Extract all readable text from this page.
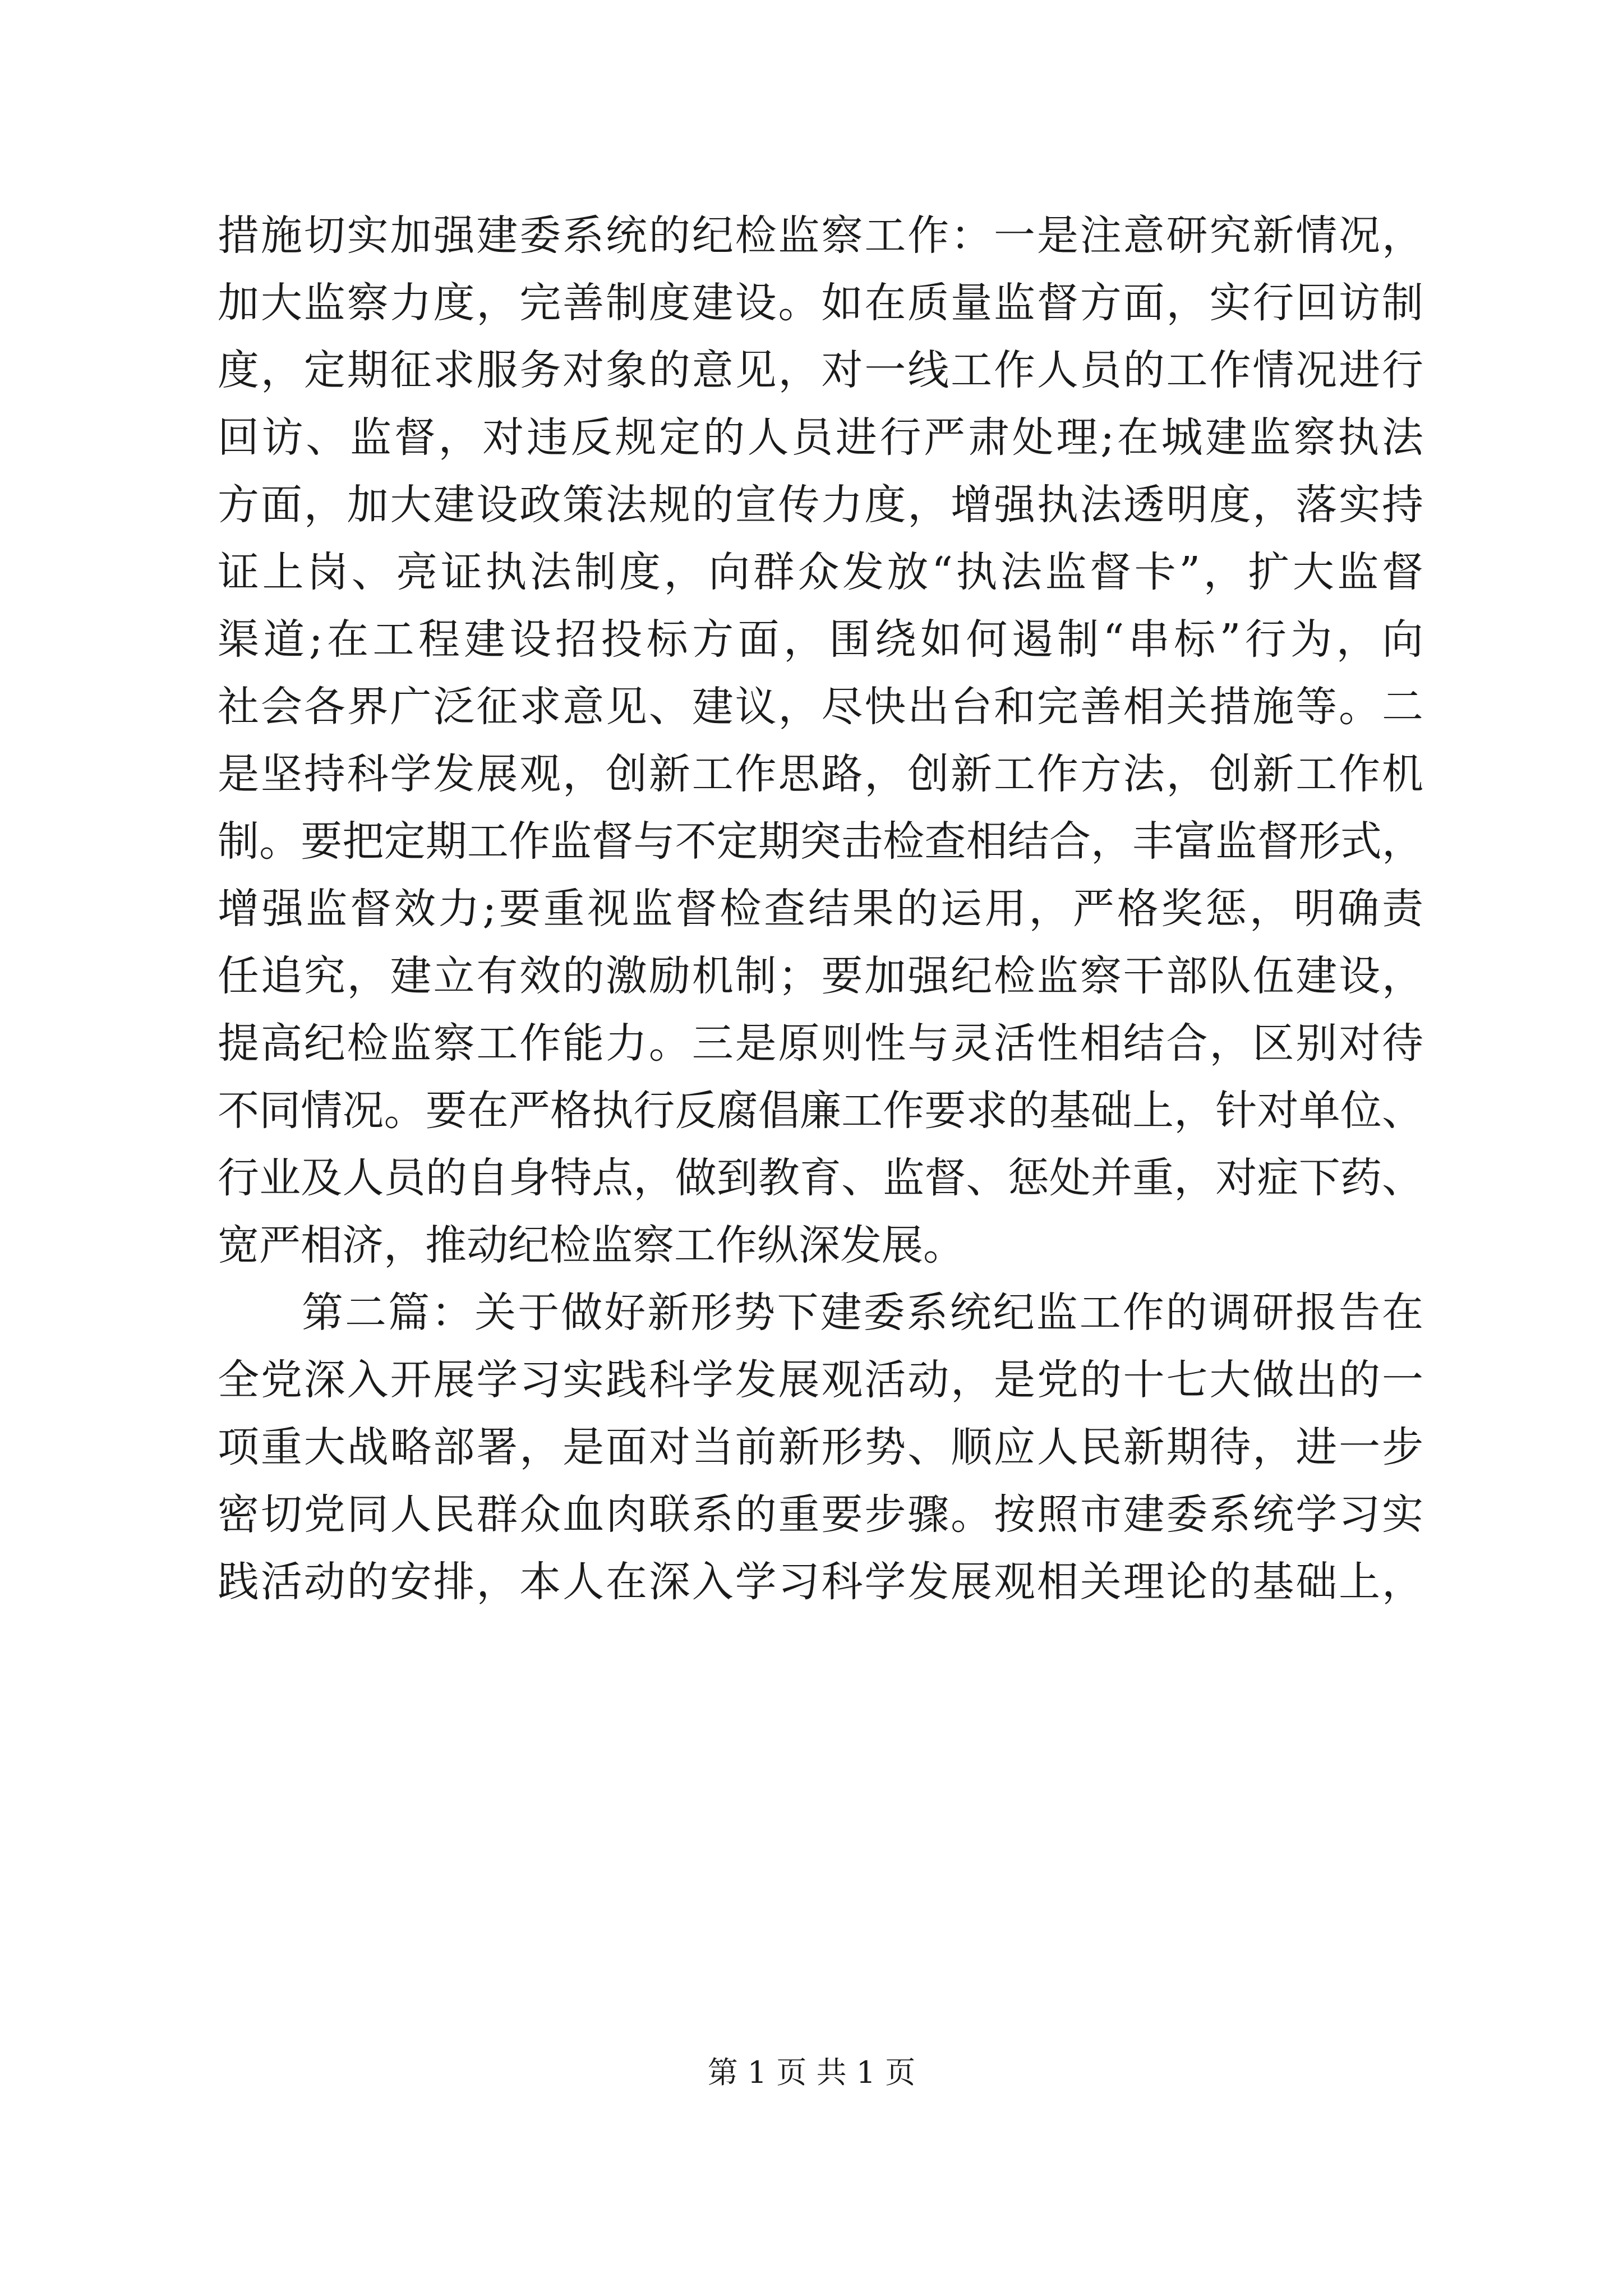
措施切实加强建委系统的纪检监察工作：一是注意研究新情况，
加大监察力度，完善制度建设。如在质量监督方面，实行回访制
度，定期征求服务对象的意见，对一线工作人员的工作情况进行
回访、监督，对违反规定的人员进行严肃处理;在城建监察执法
方面，加大建设政策法规的宣传力度，增强执法透明度，落实持
证上岗、亮证执法制度，向群众发放“执法监督卡”，扩大监督
渠道;在工程建设招投标方面，围绕如何遏制“串标”行为，向
社会各界广泛征求意见、建议，尽快出台和完善相关措施等。二
是坚持科学发展观，创新工作思路，创新工作方法，创新工作机
制。要把定期工作监督与不定期突击检查相结合，丰富监督形式，
增强监督效力;要重视监督检查结果的运用，严格奖惩，明确责
任追究，建立有效的激励机制；要加强纪检监察干部队伍建设，
提高纪检监察工作能力。三是原则性与灵活性相结合，区别对待
不同情况。要在严格执行反腐倡廉工作要求的基础上，针对单位、
行业及人员的自身特点，做到教育、监督、惩处并重，对症下药、
宽严相济，推动纪检监察工作纵深发展。
第二篇：关于做好新形势下建委系统纪监工作的调研报告在
全党深入开展学习实践科学发展观活动，是党的十七大做出的一
项重大战略部署，是面对当前新形势、顺应人民新期待，进一步
密切党同人民群众血肉联系的重要步骤。按照市建委系统学习实
践活动的安排，本人在深入学习科学发展观相关理论的基础上，
第 1 页 共 1 页
